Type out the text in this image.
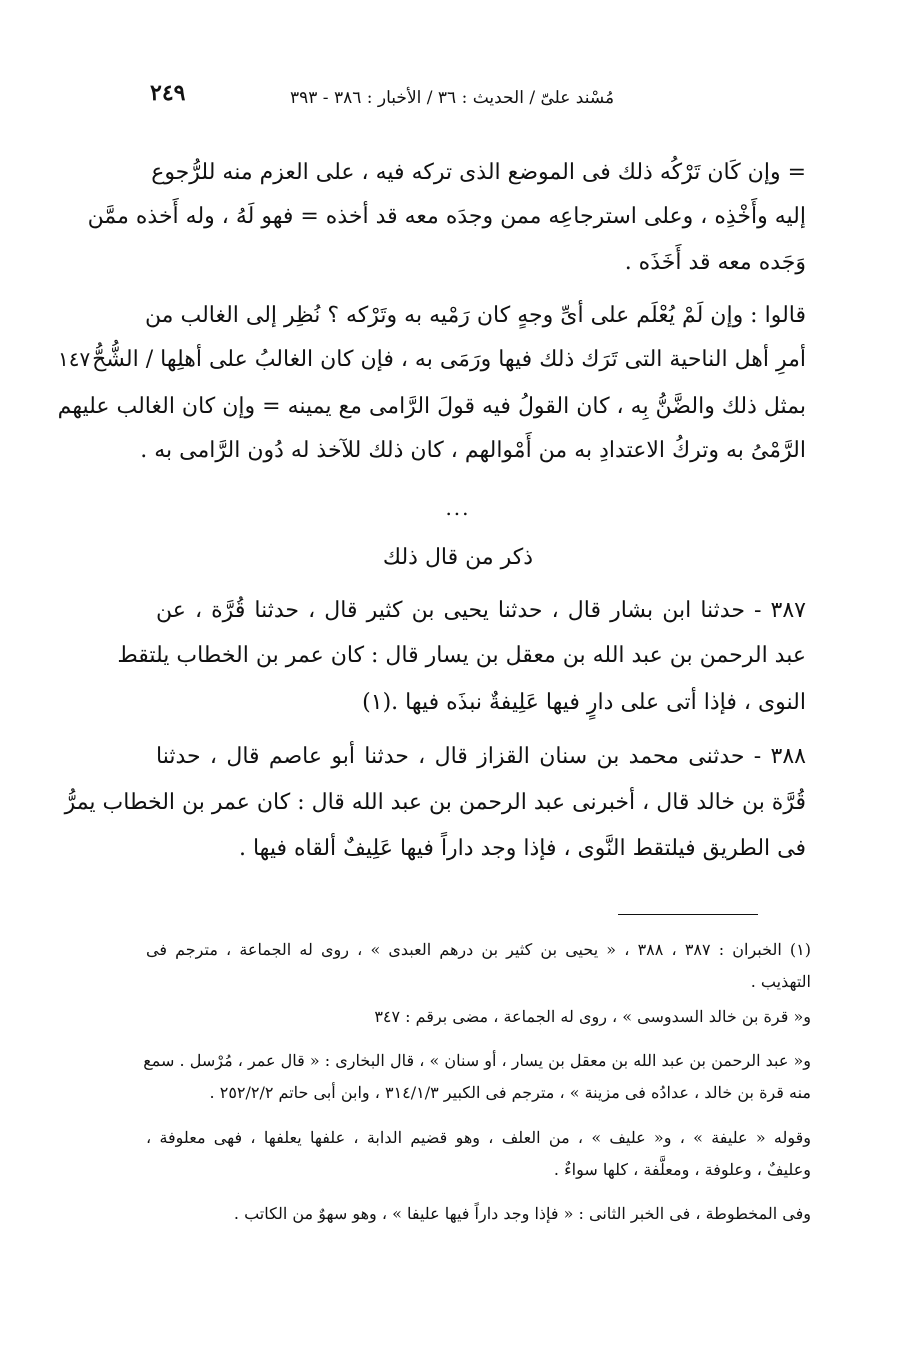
٢٤٩	مُسْند علىّ / الحديث : ٣٦ / الأخبار : ٣٨٦ - ٣٩٣
= وإن كَان تَرْكُه ذلك فى الموضع الذى تركه فيه ، على العزم منه للرُّجوع
إليه وأَخْذِه ، وعلى استرجاعِه ممن وجدَه معه قد أخذه = فهو لَهُ ، وله أَخذه ممَّن
وَجَده معه قد أَخَذَه .
قالوا : وإن لَمْ يُعْلَم على أىِّ وجهٍ كان رَمْيه به وتَرْكه ؟ نُظِر إلى الغالب من
أمرِ أهل الناحية التى تَرَك ذلك فيها ورَمَى به ، فإن كان الغالبُ على أهلِها / الشُّحُّ
بمثل ذلك والضَّنُّ بِه ، كان القولُ فيه قولَ الرَّامى مع يمينه = وإن كان الغالب عليهم
الرَّمْىُ به وتركُ الاعتدادِ به من أَمْوالهم ، كان ذلك للآخذ له دُون الرَّامى به .
١٤٧
...
ذكر من قال ذلك
٣٨٧ - حدثنا ابن بشار قال ، حدثنا يحيى بن كثير قال ، حدثنا قُرَّة ، عن
عبد الرحمن بن عبد الله بن معقل بن يسار قال : كان عمر بن الخطاب يلتقط
النوى ، فإذا أتى على دارٍ فيها عَلِيفةٌ نبذَه فيها .(١)
٣٨٨ - حدثنى محمد بن سنان القزاز قال ، حدثنا أبو عاصم قال ، حدثنا
قُرَّة بن خالد قال ، أخبرنى عبد الرحمن بن عبد الله قال : كان عمر بن الخطاب يمرُّ
فى الطريق فيلتقط النَّوى ، فإذا وجد داراً فيها عَلِيفٌ ألقاه فيها .
(١) الخبران : ٣٨٧ ، ٣٨٨ ، « يحيى بن كثير بن درهم العبدى » ، روى له الجماعة ، مترجم فى
التهذيب .
و« قرة بن خالد السدوسى » ، روى له الجماعة ، مضى برقم : ٣٤٧
و« عبد الرحمن بن عبد الله بن معقل بن يسار ، أو سنان » ، قال البخارى : « قال عمر ، مُرْسل . سمع
منه قرة بن خالد ، عدادُه فى مزينة » ، مترجم فى الكبير ٣١٤/١/٣ ، وابن أبى حاتم ٢٥٢/٢/٢ .
وقوله « عليفة » ، و« عليف » ، من العلف ، وهو قضيم الدابة ، علفها يعلفها ، فهى معلوفة ،
وعليفٌ ، وعلوفة ، ومعلَّفة ، كلها سواءٌ .
وفى المخطوطة ، فى الخبر الثانى : « فإذا وجد داراً فيها عليفا » ، وهو سهوٌ من الكاتب .
